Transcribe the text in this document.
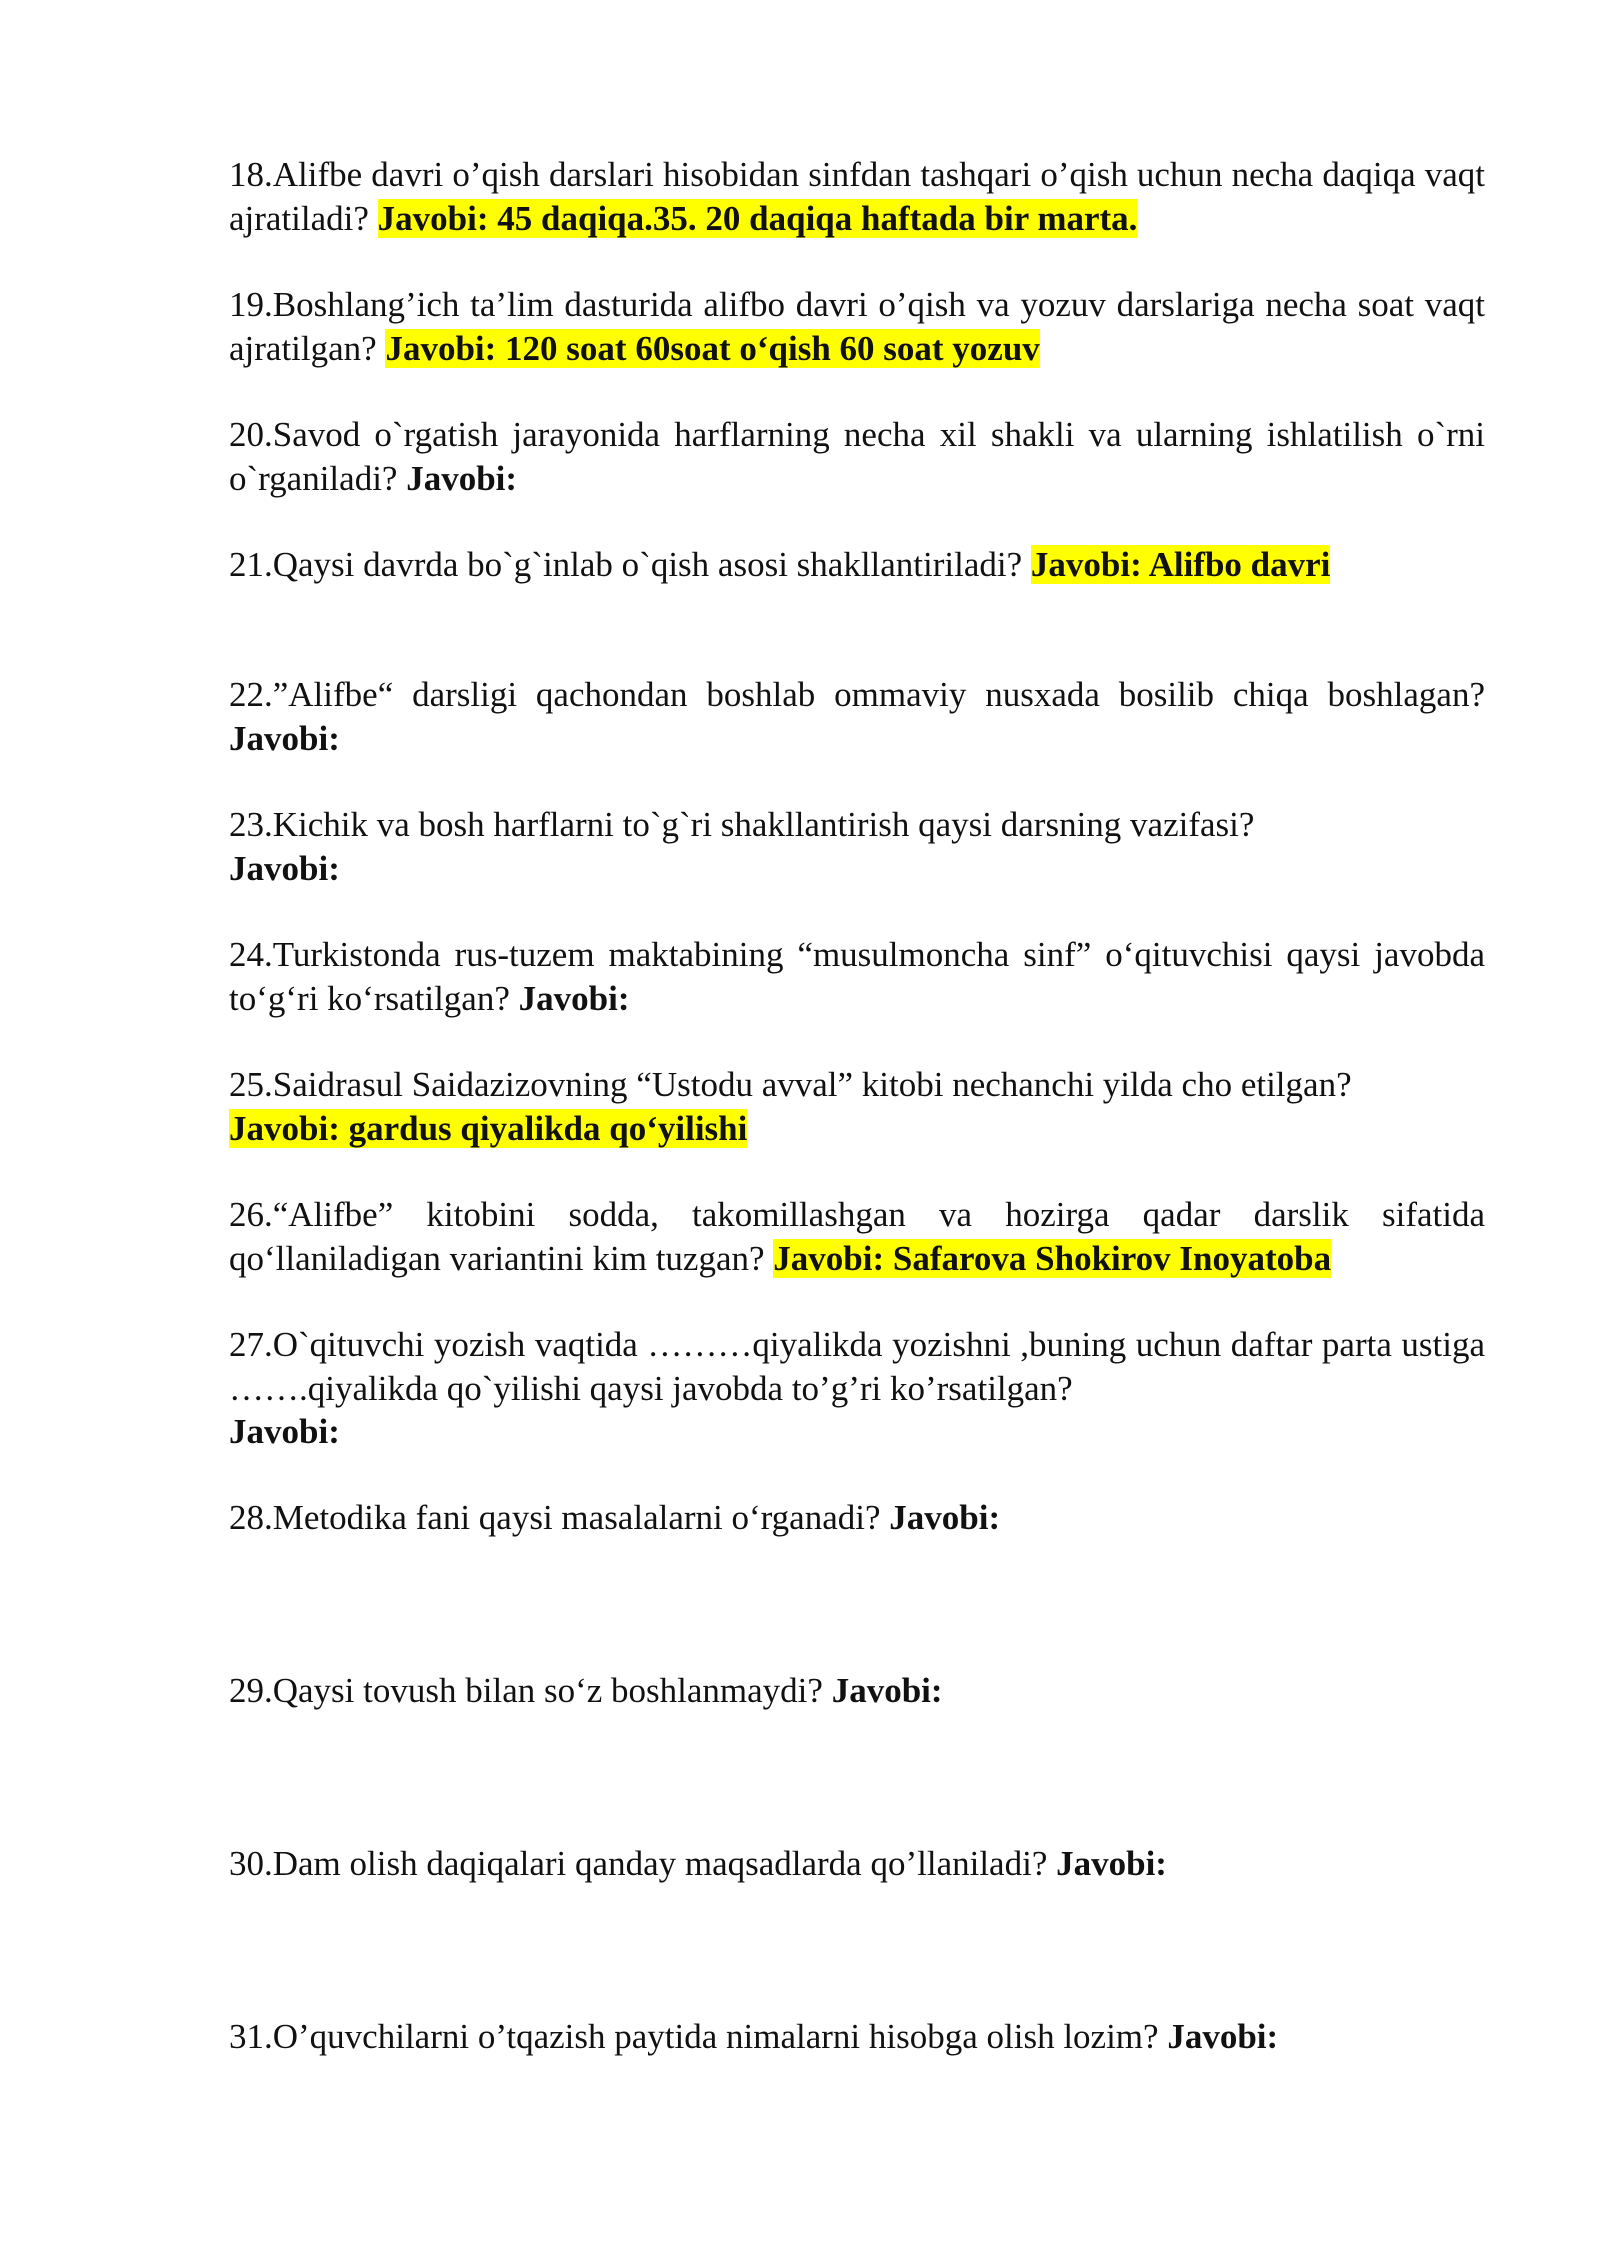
18.Alifbe davri o’qish darslari hisobidan sinfdan tashqari o’qish uchun necha daqiqa vaqt ajratiladi? Javobi: 45 daqiqa.35. 20 daqiqa haftada bir marta.

19.Boshlang’ich ta’lim dasturida alifbo davri o’qish va yozuv darslariga necha soat vaqt ajratilgan? Javobi: 120 soat 60soat o‘qish 60 soat yozuv

20.Savod o`rgatish jarayonida harflarning necha xil shakli va ularning ishlatilish o`rni o`rganiladi? Javobi:

21.Qaysi davrda bo`g`inlab o`qish asosi shakllantiriladi? Javobi: Alifbo davri

22.”Alifbe“ darsligi qachondan boshlab ommaviy nusxada bosilib chiqa boshlagan? Javobi:

23.Kichik va bosh harflarni to`g`ri shakllantirish qaysi darsning vazifasi?
Javobi:

24.Turkistonda rus-tuzem maktabining “musulmoncha sinf” o‘qituvchisi qaysi javobda to‘g‘ri ko‘rsatilgan? Javobi:

25.Saidrasul Saidazizovning “Ustodu avval” kitobi nechanchi yilda cho etilgan?
Javobi: gardus qiyalikda qo‘yilishi

26.“Alifbe” kitobini sodda, takomillashgan va hozirga qadar darslik sifatida qo‘llaniladigan variantini kim tuzgan? Javobi: Safarova Shokirov Inoyatoba

27.O`qituvchi yozish vaqtida ………qiyalikda yozishni ,buning uchun daftar parta ustiga …….qiyalikda qo`yilishi qaysi javobda to’g’ri ko’rsatilgan?
Javobi:

28.Metodika fani qaysi masalalarni o‘rganadi? Javobi:

29.Qaysi tovush bilan so‘z boshlanmaydi? Javobi:

30.Dam olish daqiqalari qanday maqsadlarda qo’llaniladi? Javobi:

31.O’quvchilarni o’tqazish paytida nimalarni hisobga olish lozim? Javobi:
